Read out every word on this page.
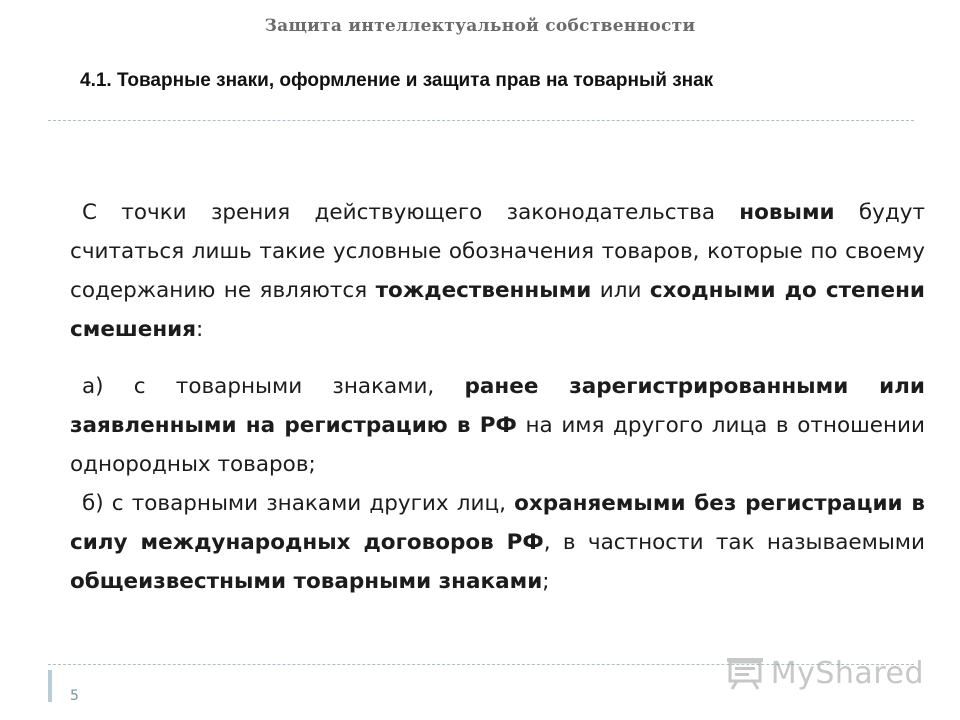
Защита интеллектуальной собственности
4.1. Товарные знаки, оформление и защита прав на товарный знак

С точки зрения действующего законодательства новыми будут считаться лишь такие условные обозначения товаров, которые по своему содержанию не являются тождественными или сходными до степени смешения:

а) с товарными знаками, ранее зарегистрированными или заявленными на регистрацию в РФ на имя другого лица в отношении однородных товаров;

б) с товарными знаками других лиц, охраняемыми без регистрации в силу международных договоров РФ, в частности так называемыми общеизвестными товарными знаками;

5
MyShared
